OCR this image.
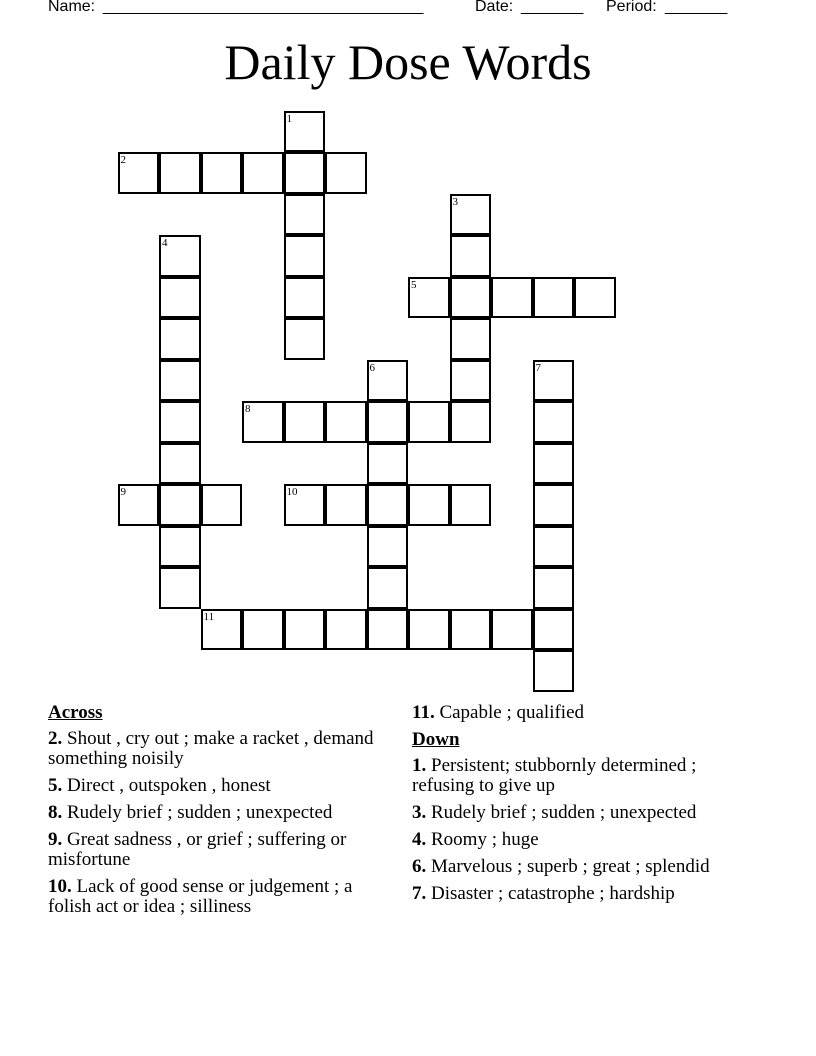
Name: ____________________________________	Date: _______ Period: _______
Daily Dose Words
1
2
3
4
5
6	7
8
9	10
11
Across
2. Shout , cry out ; make a racket , demand something noisily
5. Direct , outspoken , honest
8. Rudely brief ; sudden ; unexpected
9. Great sadness , or grief ; suffering or misfortune
10. Lack of good sense or judgement ; a folish act or idea ; silliness
11. Capable ; qualified
Down
1. Persistent; stubbornly determined ; refusing to give up
3. Rudely brief ; sudden ; unexpected
4. Roomy ; huge
6. Marvelous ; superb ; great ; splendid
7. Disaster ; catastrophe ; hardship
